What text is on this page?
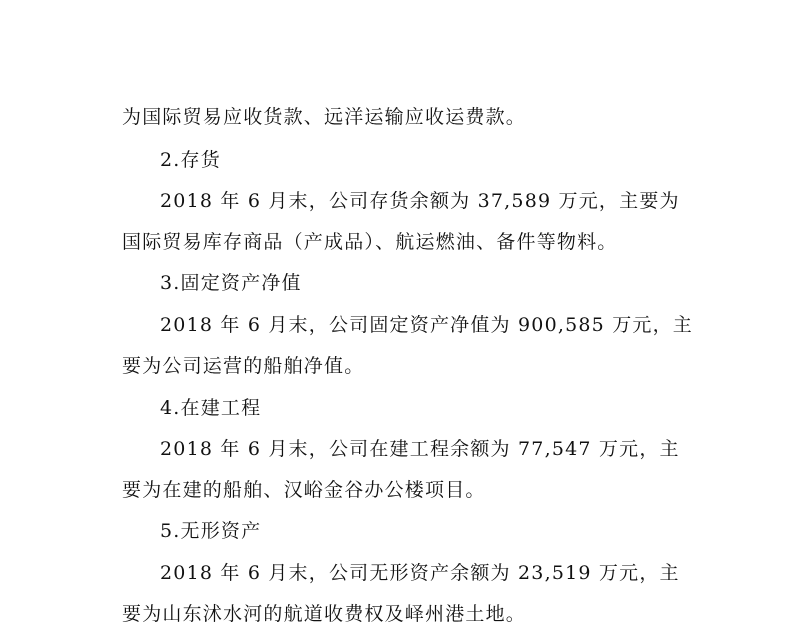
为国际贸易应收货款、远洋运输应收运费款。
2.存货
2018 年 6 月末，公司存货余额为 37,589 万元，主要为
国际贸易库存商品（产成品）、航运燃油、备件等物料。
3.固定资产净值
2018 年 6 月末，公司固定资产净值为 900,585 万元，主
要为公司运营的船舶净值。
4.在建工程
2018 年 6 月末，公司在建工程余额为 77,547 万元，主
要为在建的船舶、汉峪金谷办公楼项目。
5.无形资产
2018 年 6 月末，公司无形资产余额为 23,519 万元，主
要为山东沭水河的航道收费权及峄州港土地。
